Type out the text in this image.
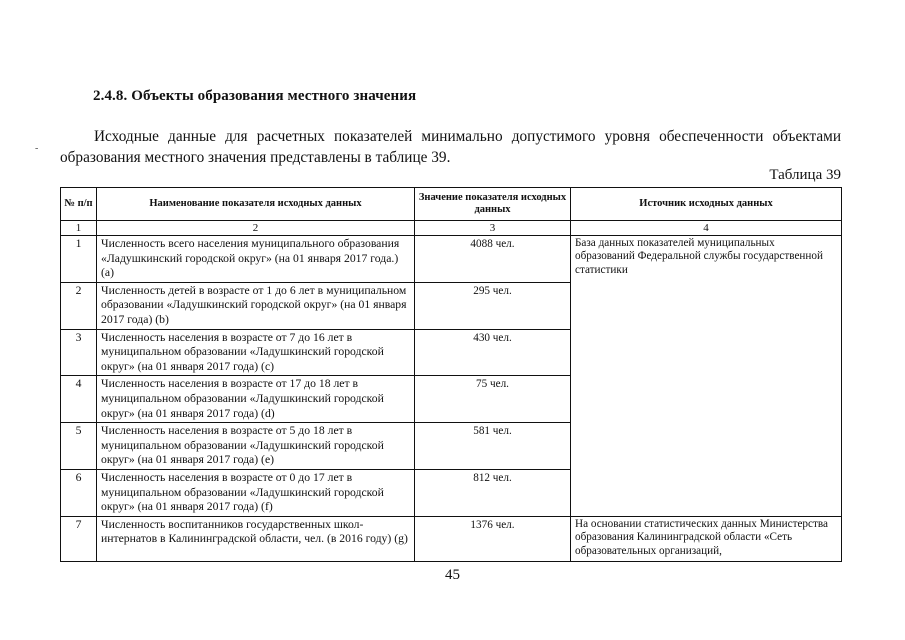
2.4.8. Объекты образования местного значения
-
Исходные данные для расчетных показателей минимально допустимого уровня обеспеченности объектами образования местного значения представлены в таблице 39.
Таблица 39
№ п/п	Наименование показателя исходных данных	Значение показателя исходных данных	Источник исходных данных
1	2	3	4
1	Численность всего населения муниципального образования «Ладушкинский городской округ» (на 01 января 2017 года.) (a)	4088 чел.	База данных показателей муниципальных образований Федеральной службы государственной статистики
2	Численность детей в возрасте от 1 до 6 лет в муниципальном образовании «Ладушкинский городской округ» (на 01 января 2017 года) (b)	295 чел.	
3	Численность населения в возрасте от 7 до 16 лет в муниципальном образовании «Ладушкинский городской округ» (на 01 января 2017 года) (c)	430 чел.	
4	Численность населения в возрасте от 17 до 18 лет в муниципальном образовании «Ладушкинский городской округ» (на 01 января 2017 года) (d)	75 чел.	
5	Численность населения в возрасте от 5 до 18 лет в муниципальном образовании «Ладушкинский городской округ» (на 01 января 2017 года) (e)	581 чел.	
6	Численность населения в возрасте от 0 до 17 лет в муниципальном образовании «Ладушкинский городской округ» (на 01 января 2017 года) (f)	812 чел.	
7	Численность воспитанников государственных школ-интернатов в Калининградской области, чел. (в 2016 году) (g)	1376 чел.	На основании статистических данных Министерства образования Калининградской области «Сеть образовательных организаций,
45
